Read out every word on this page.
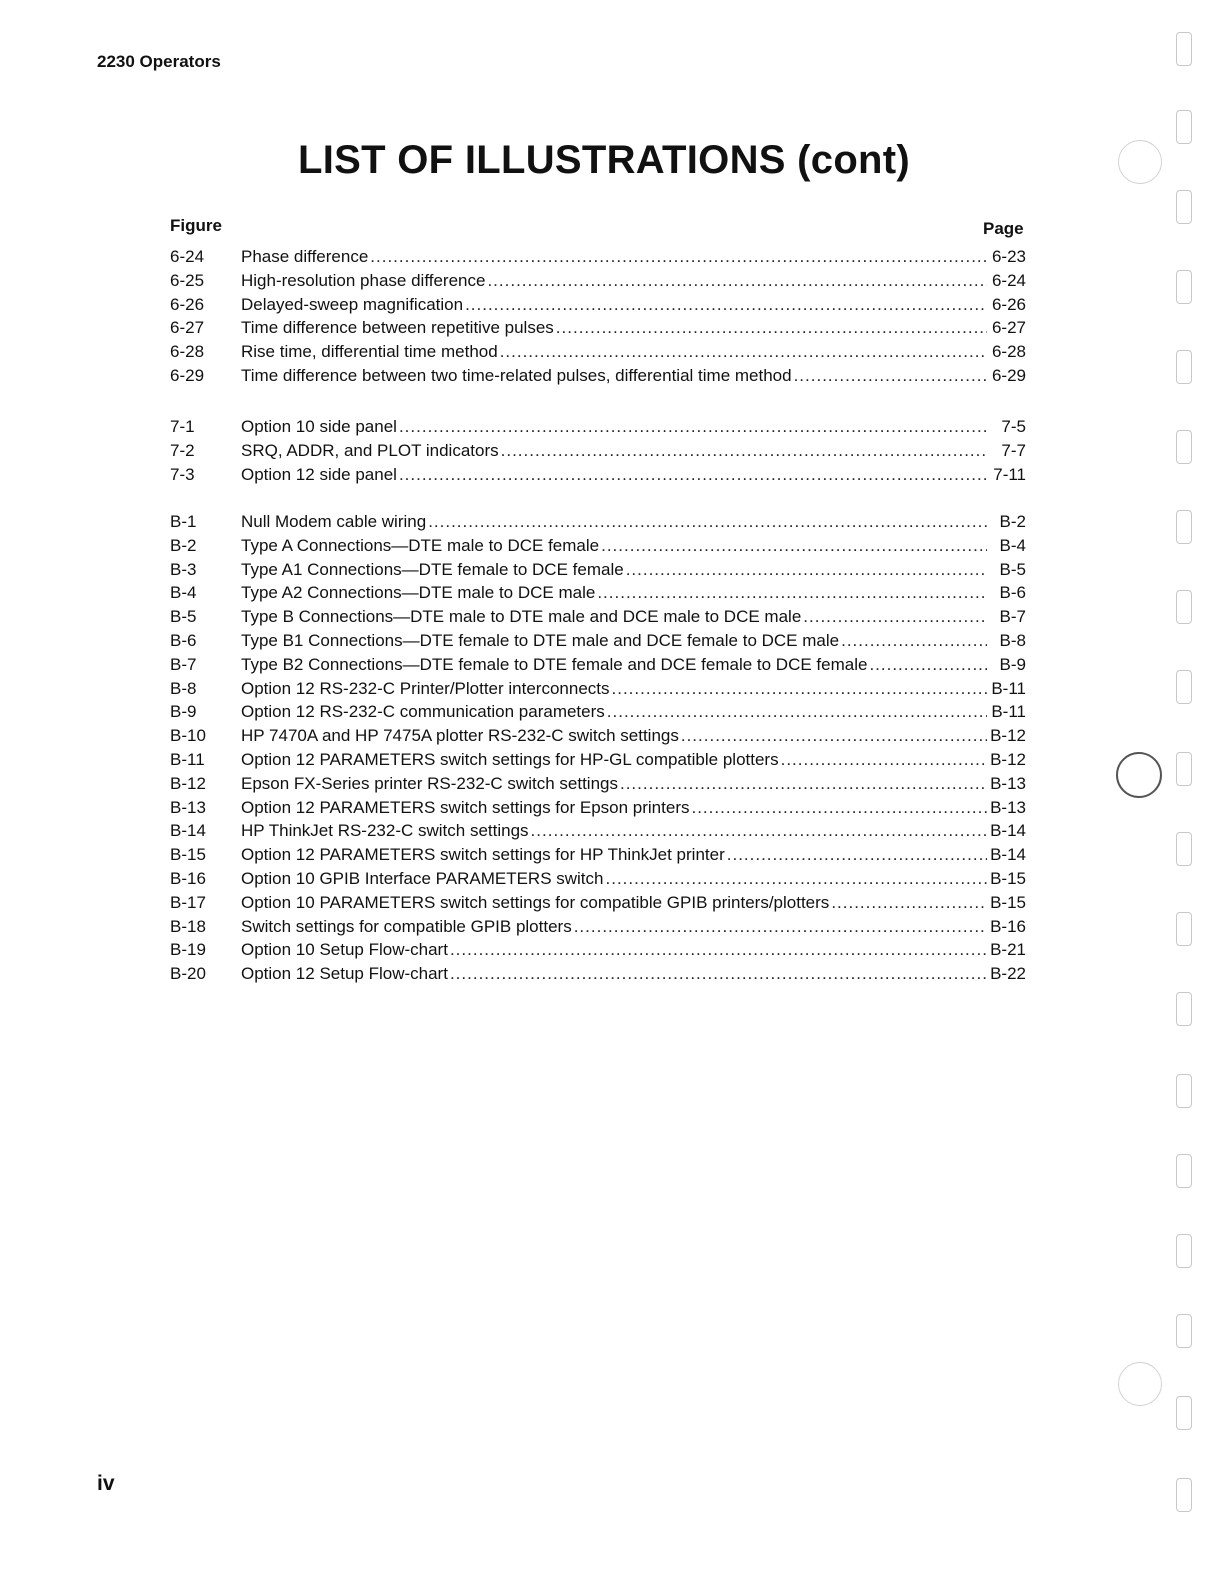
2230 Operators
LIST OF ILLUSTRATIONS (cont)
Figure	Page
6-24	Phase difference .....	6-23
6-25	High-resolution phase difference .....	6-24
6-26	Delayed-sweep magnification .....	6-26
6-27	Time difference between repetitive pulses .....	6-27
6-28	Rise time, differential time method .....	6-28
6-29	Time difference between two time-related pulses, differential time method .....	6-29
7-1	Option 10 side panel .....	7-5
7-2	SRQ, ADDR, and PLOT indicators .....	7-7
7-3	Option 12 side panel .....	7-11
B-1	Null Modem cable wiring .....	B-2
B-2	Type A Connections—DTE male to DCE female .....	B-4
B-3	Type A1 Connections—DTE female to DCE female .....	B-5
B-4	Type A2 Connections—DTE male to DCE male .....	B-6
B-5	Type B Connections—DTE male to DTE male and DCE male to DCE male .....	B-7
B-6	Type B1 Connections—DTE female to DTE male and DCE female to DCE male .....	B-8
B-7	Type B2 Connections—DTE female to DTE female and DCE female to DCE female .....	B-9
B-8	Option 12 RS-232-C Printer/Plotter interconnects .....	B-11
B-9	Option 12 RS-232-C communication parameters .....	B-11
B-10	HP 7470A and HP 7475A plotter RS-232-C switch settings .....	B-12
B-11	Option 12 PARAMETERS switch settings for HP-GL compatible plotters .....	B-12
B-12	Epson FX-Series printer RS-232-C switch settings .....	B-13
B-13	Option 12 PARAMETERS switch settings for Epson printers .....	B-13
B-14	HP ThinkJet RS-232-C switch settings .....	B-14
B-15	Option 12 PARAMETERS switch settings for HP ThinkJet printer .....	B-14
B-16	Option 10 GPIB Interface PARAMETERS switch .....	B-15
B-17	Option 10 PARAMETERS switch settings for compatible GPIB printers/plotters .....	B-15
B-18	Switch settings for compatible GPIB plotters .....	B-16
B-19	Option 10 Setup Flow-chart .....	B-21
B-20	Option 12 Setup Flow-chart .....	B-22
iv
